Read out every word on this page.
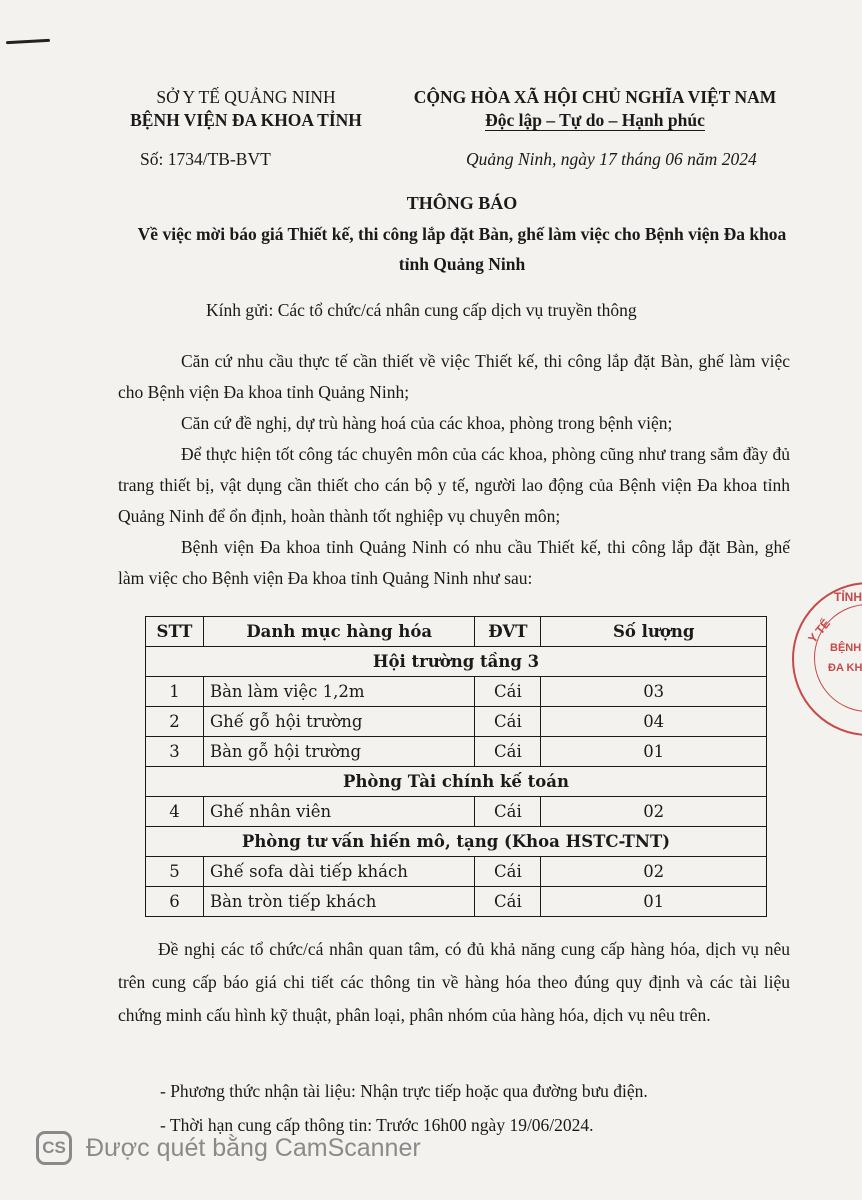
SỞ Y TẾ QUẢNG NINH
BỆNH VIỆN ĐA KHOA TỈNH
CỘNG HÒA XÃ HỘI CHỦ NGHĨA VIỆT NAM
Độc lập – Tự do – Hạnh phúc
Số: 1734/TB-BVT	Quảng Ninh, ngày 17 tháng 06 năm 2024
THÔNG BÁO
Về việc mời báo giá Thiết kế, thi công lắp đặt Bàn, ghế làm việc cho Bệnh viện Đa khoa tỉnh Quảng Ninh
Kính gửi: Các tổ chức/cá nhân cung cấp dịch vụ truyền thông

Căn cứ nhu cầu thực tế cần thiết về việc Thiết kế, thi công lắp đặt Bàn, ghế làm việc cho Bệnh viện Đa khoa tỉnh Quảng Ninh;

Căn cứ đề nghị, dự trù hàng hoá của các khoa, phòng trong bệnh viện;

Để thực hiện tốt công tác chuyên môn của các khoa, phòng cũng như trang sắm đầy đủ trang thiết bị, vật dụng cần thiết cho cán bộ y tế, người lao động của Bệnh viện Đa khoa tỉnh Quảng Ninh để ổn định, hoàn thành tốt nghiệp vụ chuyên môn;

Bệnh viện Đa khoa tỉnh Quảng Ninh có nhu cầu Thiết kế, thi công lắp đặt Bàn, ghế làm việc cho Bệnh viện Đa khoa tỉnh Quảng Ninh như sau:

STT	Danh mục hàng hóa	ĐVT	Số lượng
Hội trường tầng 3			
1	Bàn làm việc 1,2m	Cái	03
2	Ghế gỗ hội trường	Cái	04
3	Bàn gỗ hội trường	Cái	01
Phòng Tài chính kế toán			
4	Ghế nhân viên	Cái	02
Phòng tư vấn hiến mô, tạng (Khoa HSTC-TNT)			
5	Ghế sofa dài tiếp khách	Cái	02
6	Bàn tròn tiếp khách	Cái	01

Đề nghị các tổ chức/cá nhân quan tâm, có đủ khả năng cung cấp hàng hóa, dịch vụ nêu trên cung cấp báo giá chi tiết các thông tin về hàng hóa theo đúng quy định và các tài liệu chứng minh cấu hình kỹ thuật, phân loại, phân nhóm của hàng hóa, dịch vụ nêu trên.

- Phương thức nhận tài liệu: Nhận trực tiếp hoặc qua đường bưu điện.
- Thời hạn cung cấp thông tin: Trước 16h00 ngày 19/06/2024.
TỈNH
Y TẾ
BỆNH
ĐA KH
CS Được quét bằng CamScanner
